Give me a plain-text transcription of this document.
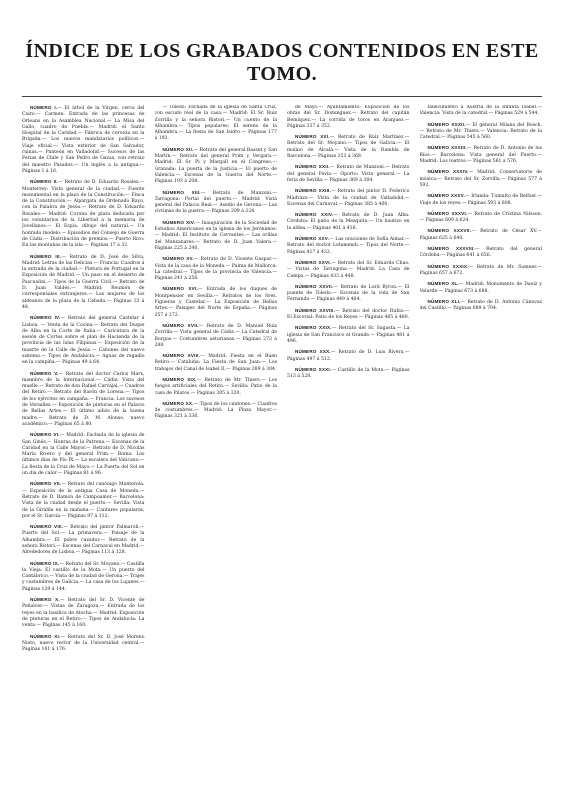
ÍNDICE DE LOS GRABADOS CONTENIDOS EN ESTE TOMO.
NÚMERO I.— El árbol de la Virgen, cerca del Cairo.— Carmen: Entrada de las princesas de Orleans en la Asamblea Nacional.— La Misa del Gallo, cuadro de Puebla.— Madrid: el Santo Hospital de la Caridad.— Fábrica de cerveza en la Brigada.— Los nuevos mandatarios políticos.— Viaje oficial.— Vista exterior de San Salvador, ruinas.— Panteón en Valladolid.— Sucesos de las Ferias de Chile y San Pedro de Gazas, con retrato del maestro Pasados.— Un inglés a la antigua.— Páginas 1 á 16.
NÚMERO II.— Retrato de D. Eduardo Rosales.— Monterrey: Vista general de la ciudad.— Fuente monumental en la plaza de la Constitución.— Finca de la Constitución.— Alpargata de Ordenado Rayo, con la Palabra de Jesús.— Retrato de D. Eduardo Rosales.— Madrid: Corona de plata dedicada por los voluntarios de la Libertad á la memoria de Jovellanos.— El Espía, dibujo del natural.— Un honrado modelo.— Episodios del Consejo de Guerra de Cádiz.— Distribución de premios.— Puerto Rico: En las montañas de la isla.— Páginas 17 á 32.
NÚMERO III.— Retrato de D. José de Silva, Madrid: Letras de las Delicias.— Francia: Cuadros á la entrada de la ciudad.— Pintura de Portugal en la Exposición de Madrid.— Un paso en el desierto de Pascualini.— Tipos de la Guerra Civil.— Retrato de D. Juan Valdés.— Madrid: Reunión de corresponsales extranjeros.— Las mujeres de los aldeanos de la plaza de la Cebada.— Páginas 33 á 48.
NÚMERO IV.— Retrato del general Castelar á Lisboa. — Venta de la Cocina.— Retrato del Duque de Alba en la Corte de Italia.— Caricatura de la sesión de Cortes sobre el plan de Hacienda de la provincia de las Islas Filipinas.— Exposición de la muerte de la Calle de Jesús.— Cañones del nuevo sistema.— Tipos de Andalucía.— Aguas de regadío en la campiña.— Páginas 49 á 64.
NÚMERO V.— Retrato del doctor Carlos Marx, miembro de la Internacional.— Cádiz: Vista del muelle.— Retrato de don Rafael Carvajal.— Cuadros del Retiro.— Retrato del Barón de Lorena.— Tipos de los ejércitos en campaña.— Francia: Los sucesos de Versalles.— Exposición de pinturas en el Palacio de Bellas Artes.— El último adiós de la buena madre.— Retrato de D. M. Alonso, nuevo académico.— Páginas 65 á 80.
NÚMERO VI.— Madrid: Fachada de la iglesia de San Ginés.— Honras de la Patrona.— Escenas de la Caridad en la Calle Mayor.— Retrato de D. Nicolás María Rivero y del general Prim.— Roma: Los últimos días de Pío IX.— La escalera del Vaticano.— La fiesta de la Cruz de Mayo.— La Puerta del Sol en un día de calor.— Páginas 81 á 96.
NÚMERO VII.— Retrato del canónigo Manterola.— Exposición de la antigua Casa de Moneda.— Retrato de D. Ramón de Campoamor.— Barcelona: Vista de la ciudad desde el puerto.— Sevilla: Vista de la Giralda en la mañana.— Cantares populares, por el Sr. García.— Páginas 97 á 112.
NÚMERO VIII.— Retrato del pintor Palmaroli.— Puerto del Sol.— La primavera.— Paisaje de la Alhambra.— El pobre cazador.— Retrato de la señora Ristori.— Escenas del Carnaval en Madrid.— Alrededores de Lisboa.— Páginas 113 á 128.
NÚMERO IX.— Retrato del Sr. Moyano.— Castilla la Vieja: El castillo de la Mota.— Un puerto del Cantábrico.— Vista de la ciudad de Gerona.— Trajes y costumbres de Galicia.— La casa de los Lujanes.— Páginas 129 á 144.
NÚMERO X.— Retrato del Sr. D. Vicente de Peñalver.— Vistas de Zaragoza.— Entrada de los reyes en la basílica de Atocha.— Madrid: Exposición de pinturas en el Retiro.— Tipos de Andalucía: La venta.— Páginas 145 á 160.
NÚMERO XI.— Retrato del Sr. D. José Moreno Nieto, nuevo rector de la Universidad central.— Páginas 161 á 176.
— Toledo: Fachada de la iglesia de Santa Cruz, con escudo real de la casa.— Madrid: El Sr. Ruiz Zorrilla y la señora Ristori.— Un cuento de la Alhambra.— Tipos populares: El sereno de la Alhambra.— La fiesta de San Isidro.— Páginas 177 á 192.
NÚMERO XII.— Retrato del general Basset y San Martín.— Retrato del general Prim y Vergara.— Madrid: El Sr. Pi y Margall en el Congreso.— Granada: La puerta de la Justicia.— El puerto de Valencia.— Escenas de la Guerra del Norte.— Páginas 193 á 208.
NÚMERO XIII.— Retrato de Manzoni.— Tarragona: Portal del puerto.— Madrid: Vista general del Palacio Real.— Asedio de Gerona.— Las víctimas de la guerra.— Páginas 209 á 224.
NÚMERO XIV.— Inauguración de la Sociedad de Estudios Americanos en la iglesia de los Jerónimos.— Madrid: El Instituto de Cervantes.— Las orillas del Manzanares.— Retrato de D. Juan Valera.— Páginas 225 á 240.
NÚMERO XV.— Retrato de D. Vicente Gaspar.— Vista de la casa de la Moneda.— Palma de Mallorca: La catedral.— Tipos de la provincia de Valencia.— Páginas 241 á 256.
NÚMERO XVI.— Entrada de los duques de Montpensier en Sevilla.— Retratos de los Sres. Figueras y Castelar.— La Exposición de Bellas Artes.— Paisajes del Norte de España.— Páginas 257 á 272.
NÚMERO XVII.— Retrato de D. Manuel Ruiz Zorrilla.— Vista general de Cádiz.— La Catedral de Burgos.— Costumbres asturianas.— Páginas 273 á 288.
NÚMERO XVIII.— Madrid: Fiesta en el Buen Retiro.— Cataluña: La Fiesta de San Juan.— Los trabajos del Canal de Isabel II.— Páginas 289 á 304.
NÚMERO XIX.— Retrato de Mr. Thiers.— Los fuegos artificiales del Retiro.— Sevilla: Patio de la casa de Pilatos.— Páginas 305 á 320.
NÚMERO XX.— Tipos de los cantones.— Cuadros de costumbres.— Madrid: La Plaza Mayor.— Páginas 321 á 336.
de Mayo.— Ayuntamiento: Exposición de los obras del Sr. Domínguez.— Retrato del capitán Bemíquez.— La corrida de toros en Aranjuez.— Páginas 337 á 352.
NÚMERO XXI.— Retrato de Ruiz Martínez.— Retrato del Sr. Moyano.— Tipos de Galicia.— El molino de Alcalá.— Vista de la Rambla de Barcelona.— Páginas 353 á 368.
NÚMERO XXII.— Retrato de Manzoni.— Retrato del general Pavía.— Oporto: Vista general.— La feria de Sevilla.— Páginas 369 á 384.
NÚMERO XXIII.— Retrato del pintor D. Federico Madrazo.— Vista de la ciudad de Valladolid.— Escenas del Carnaval.— Páginas 385 á 400.
NÚMERO XXIV.— Retrato de D. Juan Alba. Córdoba: El patio de la Mezquita.— Un bautizo en la aldea.— Páginas 401 á 416.
NÚMERO XXV.— Las oraciones de Sofía Aimar.— Retrato del doctor Letamendi.— Tipos del Norte.— Páginas 417 á 432.
NÚMERO XXVI.— Retrato del Sr. Eduardo Chao.— Vistas de Tarragona.— Madrid: La Casa de Campo.— Páginas 433 á 448.
NÚMERO XXVII.— Retrato de Lord Byron.— El puente de Toledo.— Escenas de la vida de San Fernando.— Páginas 449 á 464.
NÚMERO XXVIII.— Retrato del doctor Rubio.— El Escorial: Patio de los Reyes.— Páginas 465 á 480.
NÚMERO XXIX.— Retrato del Sr. Sagasta.— La iglesia de San Francisco el Grande.— Páginas 481 á 496.
NÚMERO XXX.— Retrato de D. Luis Rivera.— Páginas 497 á 512.
NÚMERO XXXI.— Castillo de la Mota.— Páginas 513 á 528.
fallecimiento á Austria de la Infanta Isabel.— Valencia: Vista de la catedral.— Páginas 529 á 544.
NÚMERO XXXII.— El general Milans del Bosch.— Retrato de Mr. Thiers.— Valencia: Retrato de la Catedral.— Páginas 545 á 560.
NÚMERO XXXIII.— Retrato de D. Antonio de los Ríos.— Barcelona: Vista general del Puerto.— Madrid: Los teatros.— Páginas 561 á 576.
NÚMERO XXXIV.— Madrid: Conservatorio de música.— Retrato del Sr. Zorrilla.— Páginas 577 á 592.
NÚMERO XXXV.— Irlanda: Tumulto de Belfast.— Viaje de los reyes.— Páginas 593 á 608.
NÚMERO XXXVI.— Retrato de Cristina Nilsson.— Páginas 609 á 624.
NÚMERO XXXVII.— Retrato de César XV.— Páginas 625 á 640.
NÚMERO XXXVIII.— Retrato del general Córdoba.— Páginas 641 á 656.
NÚMERO XXXIX.— Retrato de Mr. Sumner.— Páginas 657 á 672.
NÚMERO XL.— Madrid: Monumento de Daoíz y Velarde.— Páginas 673 á 688.
NÚMERO XLI.— Retrato de D. Antonio Cánovas del Castillo.— Páginas 689 á 704.
